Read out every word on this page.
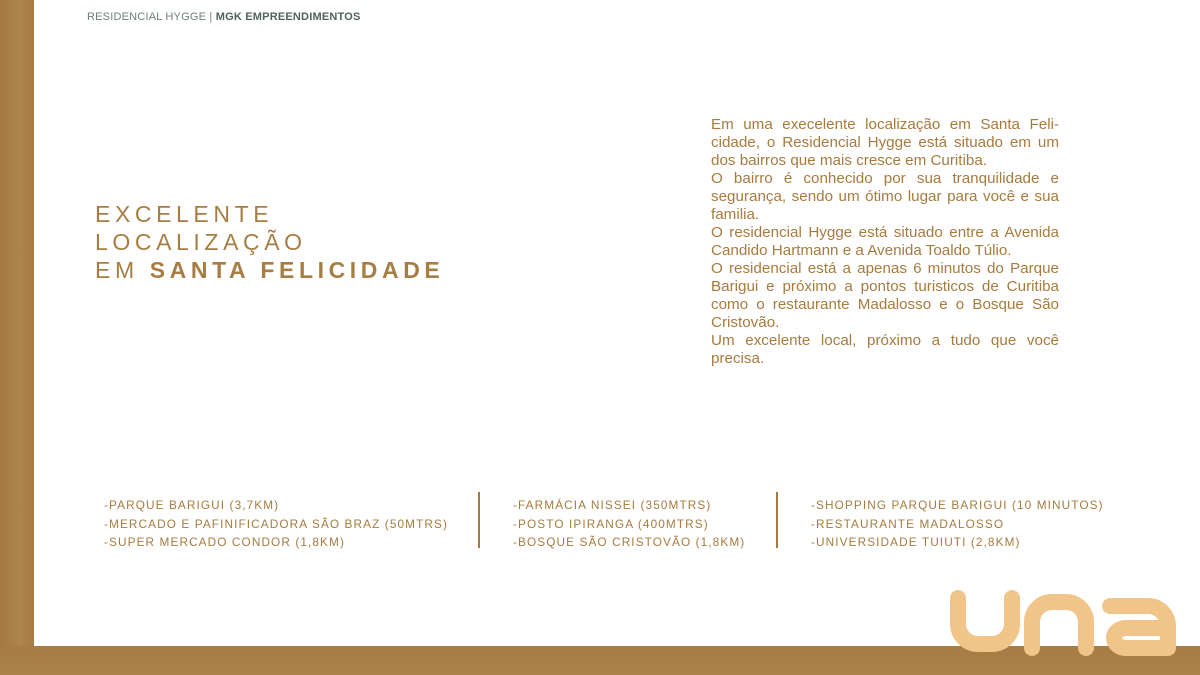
RESIDENCIAL HYGGE | MGK EMPREENDIMENTOS
EXCELENTE
LOCALIZAÇÃO
EM SANTA FELICIDADE

Em uma execelente localização em Santa Feli-cidade, o Residencial Hygge está situado em um dos bairros que mais cresce em Curitiba.

O bairro é conhecido por sua tranquilidade e segurança, sendo um ótimo lugar para você e sua familia.

O residencial Hygge está situado entre a Avenida Candido Hartmann e a Avenida Toaldo Túlio.

O residencial está a apenas 6 minutos do Parque Barigui e próximo a pontos turisticos de Curitiba como o restaurante Madalosso e o Bosque São Cristovão.

Um excelente local, próximo a tudo que você precisa.

-PARQUE BARIGUI (3,7KM)
-MERCADO E PAFINIFICADORA SÃO BRAZ (50MTRS)
-SUPER MERCADO CONDOR (1,8KM)
-FARMÁCIA NISSEI (350MTRS)
-POSTO IPIRANGA (400MTRS)
-BOSQUE SÃO CRISTOVÃO (1,8KM)
-SHOPPING PARQUE BARIGUI (10 MINUTOS)
-RESTAURANTE MADALOSSO
-UNIVERSIDADE TUIUTI (2,8KM)
